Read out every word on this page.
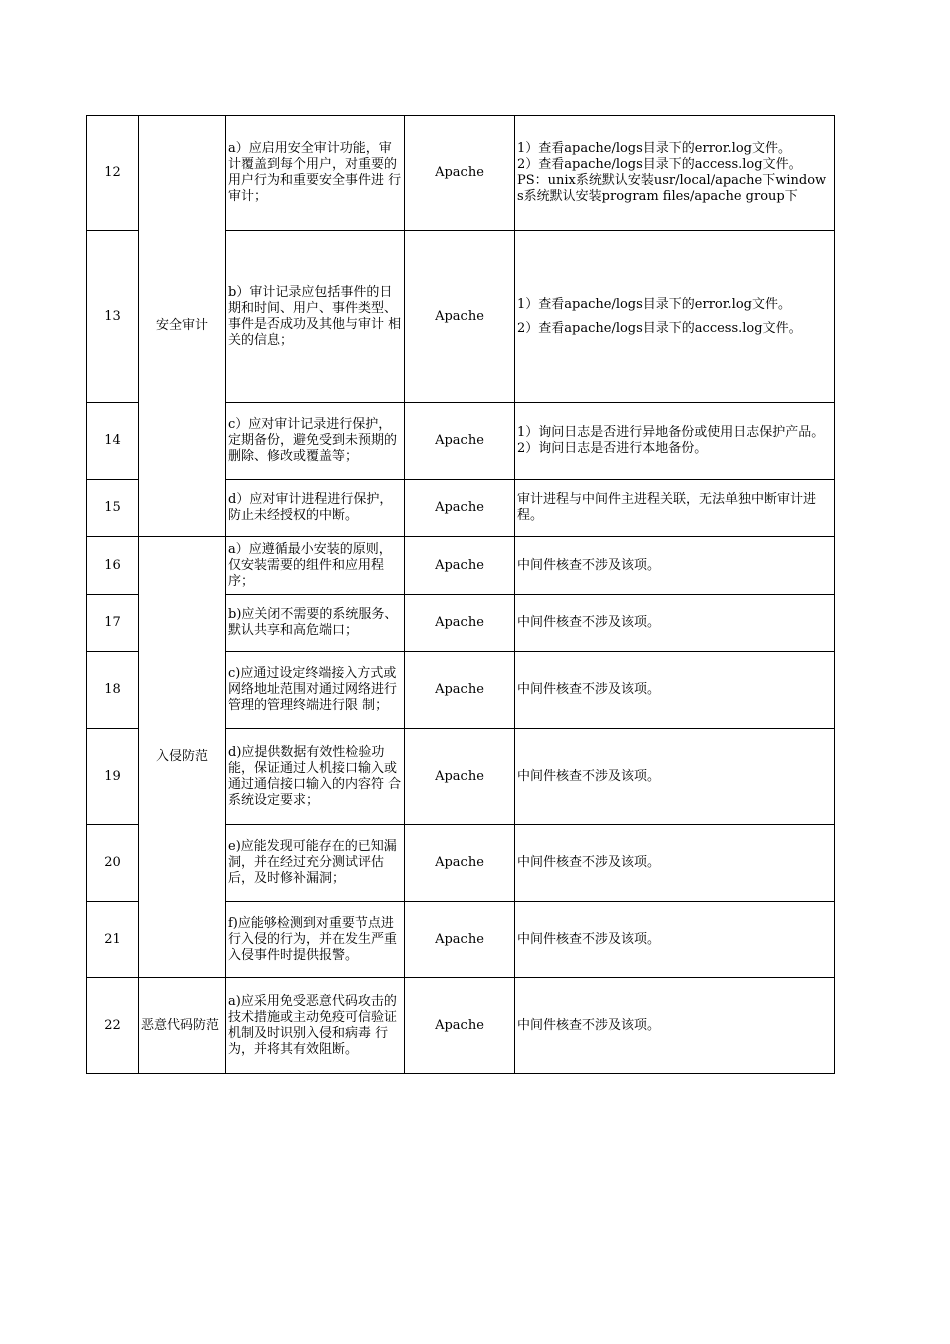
12	安全审计	a）应启用安全审计功能，审计覆盖到每个用户，对重要的用户行为和重要安全事件进 行审计；	Apache	1）查看apache/logs目录下的error.log文件。
2）查看apache/logs目录下的access.log文件。
PS：unix系统默认安装usr/local/apache下windows系统默认安装program files/apache group下

13		b）审计记录应包括事件的日期和时间、用户、事件类型、事件是否成功及其他与审计 相关的信息；	Apache	1）查看apache/logs目录下的error.log文件。
2）查看apache/logs目录下的access.log文件。

14		c）应对审计记录进行保护，定期备份，避免受到未预期的删除、修改或覆盖等；	Apache	1）询问日志是否进行异地备份或使用日志保护产品。
2）询问日志是否进行本地备份。

15		d）应对审计进程进行保护，防止未经授权的中断。	Apache	审计进程与中间件主进程关联，无法单独中断审计进程。
16	入侵防范	a）应遵循最小安装的原则，仅安装需要的组件和应用程序；	Apache	中间件核查不涉及该项。
17		b)应关闭不需要的系统服务、默认共享和高危端口；	Apache	中间件核查不涉及该项。
18		c)应通过设定终端接入方式或网络地址范围对通过网络进行管理的管理终端进行限 制；	Apache	中间件核查不涉及该项。
19		d)应提供数据有效性检验功能，保证通过人机接口输入或通过通信接口输入的内容符 合系统设定要求；	Apache	中间件核查不涉及该项。
20		e)应能发现可能存在的已知漏洞，并在经过充分测试评估后，及时修补漏洞；	Apache	中间件核查不涉及该项。
21		f)应能够检测到对重要节点进行入侵的行为，并在发生严重入侵事件时提供报警。	Apache	中间件核查不涉及该项。
22	恶意代码防范	a)应采用免受恶意代码攻击的技术措施或主动免疫可信验证机制及时识别入侵和病毒 行为，并将其有效阻断。	Apache	中间件核查不涉及该项。
